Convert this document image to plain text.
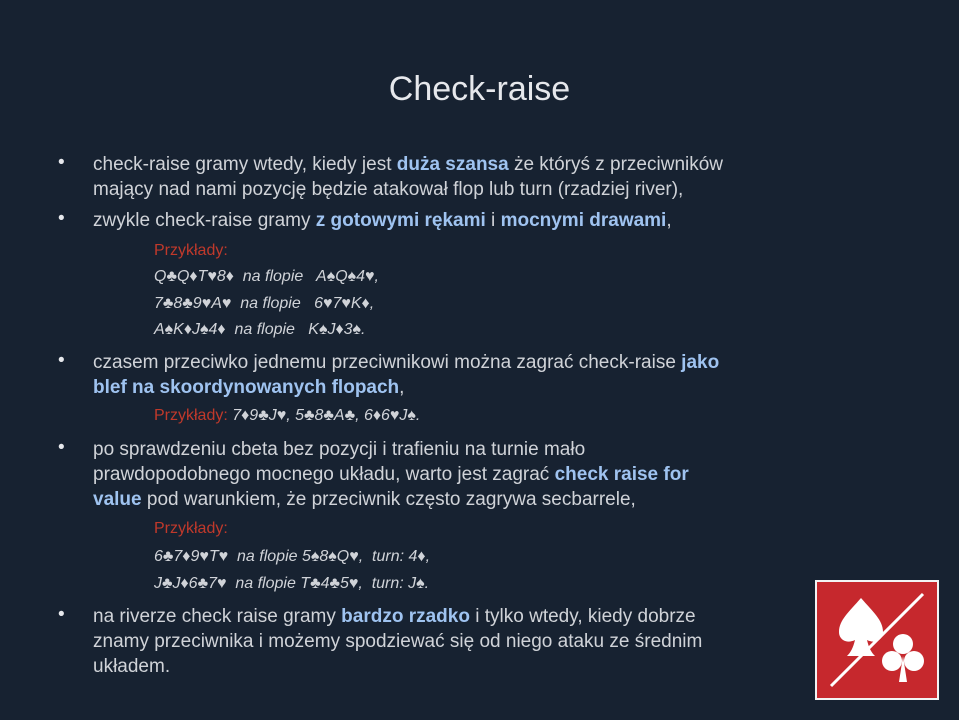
Check-raise
• check-raise gramy wtedy, kiedy jest duża szansa że któryś z przeciwników
mający nad nami pozycję będzie atakował flop lub turn (rzadziej river),
• zwykle check-raise gramy z gotowymi rękami i mocnymi drawami,
Przykłady:
Q♣Q♦T♥8♦  na flopie   A♠Q♠4♥,
7♣8♣9♥A♥  na flopie   6♥7♥K♦,
A♠K♦J♠4♦  na flopie   K♠J♦3♠.
• czasem przeciwko jednemu przeciwnikowi można zagrać check-raise jako
blef na skoordynowanych flopach,
Przykłady: 7♦9♣J♥, 5♣8♣A♣, 6♦6♥J♠.
• po sprawdzeniu cbeta bez pozycji i trafieniu na turnie mało
prawdopodobnego mocnego układu, warto jest zagrać check raise for
value pod warunkiem, że przeciwnik często zagrywa secbarrele,
Przykłady:
6♣7♦9♥T♥  na flopie 5♠8♠Q♥,  turn: 4♦,
J♣J♦6♣7♥  na flopie T♣4♣5♥,  turn: J♠.
• na riverze check raise gramy bardzo rzadko i tylko wtedy, kiedy dobrze
znamy przeciwnika i możemy spodziewać się od niego ataku ze średnim
układem.
